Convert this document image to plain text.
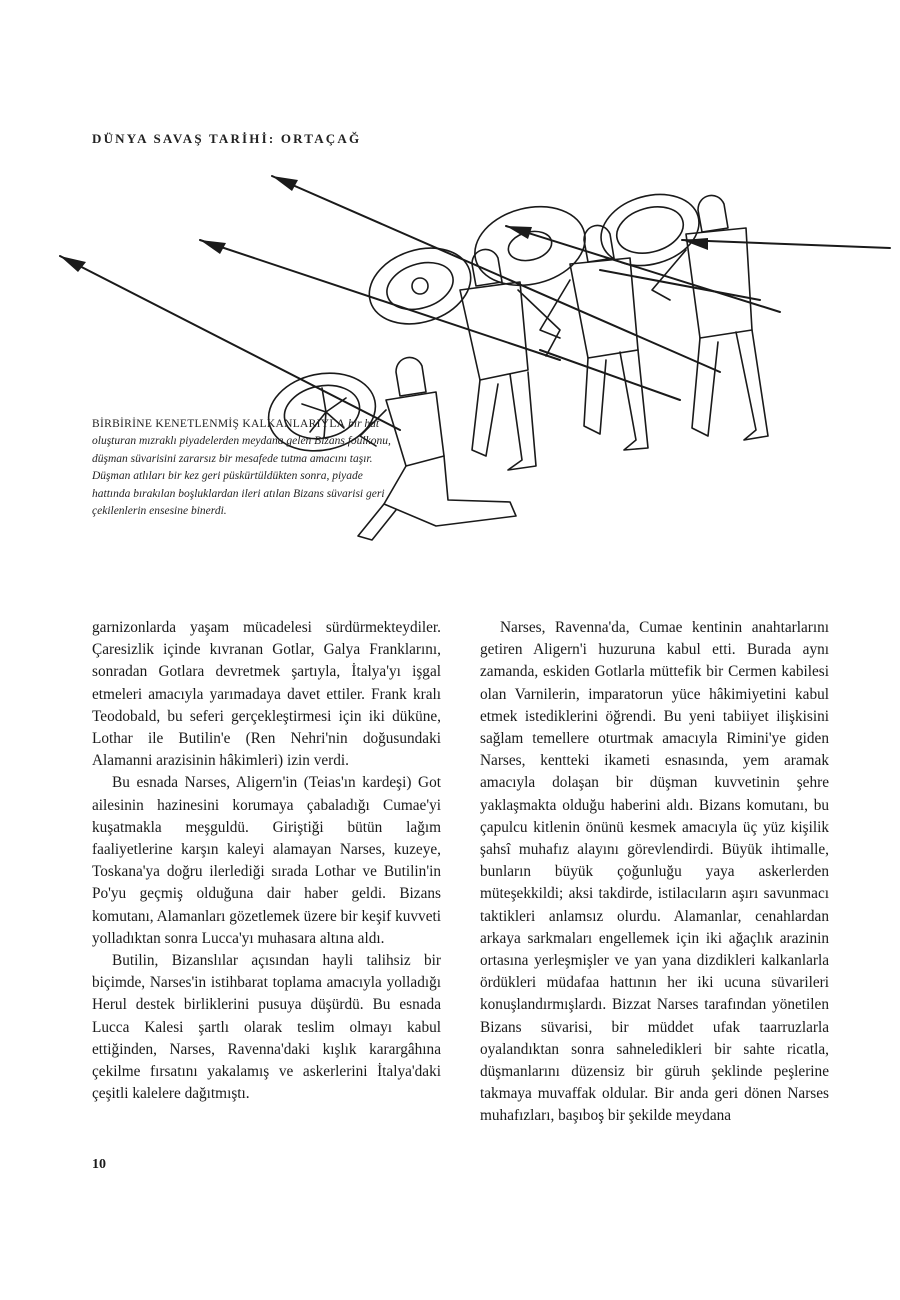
DÜNYA SAVAŞ TARİHİ: ORTAÇAĞ
BİRBİRİNE KENETLENMİŞ KALKANLARIYLA bir hat oluşturan mızraklı piyadelerden meydana gelen Bizans foulkonu, düşman süvarisini zararsız bir mesafede tutma amacını taşır. Düşman atlıları bir kez geri püskürtüldükten sonra, piyade hattında bırakılan boşluklardan ileri atılan Bizans süvarisi geri çekilenlerin ensesine binerdi.

garnizonlarda yaşam mücadelesi sürdürmekteydiler. Çaresizlik içinde kıvranan Gotlar, Galya Franklarını, sonradan Gotlara devretmek şartıyla, İtalya'yı işgal etmeleri amacıyla yarımadaya davet ettiler. Frank kralı Teodobald, bu seferi gerçekleştirmesi için iki düküne, Lothar ile Butilin'e (Ren Nehri'nin doğusundaki Alamanni arazisinin hâkimleri) izin verdi.

Bu esnada Narses, Aligern'in (Teias'ın kardeşi) Got ailesinin hazinesini korumaya çabaladığı Cumae'yi kuşatmakla meşguldü. Giriştiği bütün lağım faaliyetlerine karşın kaleyi alamayan Narses, kuzeye, Toskana'ya doğru ilerlediği sırada Lothar ve Butilin'in Po'yu geçmiş olduğuna dair haber geldi. Bizans komutanı, Alamanları gözetlemek üzere bir keşif kuvveti yolladıktan sonra Lucca'yı muhasara altına aldı.

Butilin, Bizanslılar açısından hayli talihsiz bir biçimde, Narses'in istihbarat toplama amacıyla yolladığı Herul destek birliklerini pusuya düşürdü. Bu esnada Lucca Kalesi şartlı olarak teslim olmayı kabul ettiğinden, Narses, Ravenna'daki kışlık karargâhına çekilme fırsatını yakalamış ve askerlerini İtalya'daki çeşitli kalelere dağıtmıştı.

Narses, Ravenna'da, Cumae kentinin anahtarlarını getiren Aligern'i huzuruna kabul etti. Burada aynı zamanda, eskiden Gotlarla müttefik bir Cermen kabilesi olan Varnilerin, imparatorun yüce hâkimiyetini kabul etmek istediklerini öğrendi. Bu yeni tabiiyet ilişkisini sağlam temellere oturtmak amacıyla Rimini'ye giden Narses, kentteki ikameti esnasında, yem aramak amacıyla dolaşan bir düşman kuvvetinin şehre yaklaşmakta olduğu haberini aldı. Bizans komutanı, bu çapulcu kitlenin önünü kesmek amacıyla üç yüz kişilik şahsî muhafız alayını görevlendirdi. Büyük ihtimalle, bunların büyük çoğunluğu yaya askerlerden müteşekkildi; aksi takdirde, istilacıların aşırı savunmacı taktikleri anlamsız olurdu. Alamanlar, cenahlardan arkaya sarkmaları engellemek için iki ağaçlık arazinin ortasına yerleşmişler ve yan yana dizdikleri kalkanlarla ördükleri müdafaa hattının her iki ucuna süvarileri konuşlandırmışlardı. Bizzat Narses tarafından yönetilen Bizans süvarisi, bir müddet ufak taarruzlarla oyalandıktan sonra sahneledikleri bir sahte ricatla, düşmanlarını düzensiz bir güruh şeklinde peşlerine takmaya muvaffak oldular. Bir anda geri dönen Narses muhafızları, başıboş bir şekilde meydana

10
